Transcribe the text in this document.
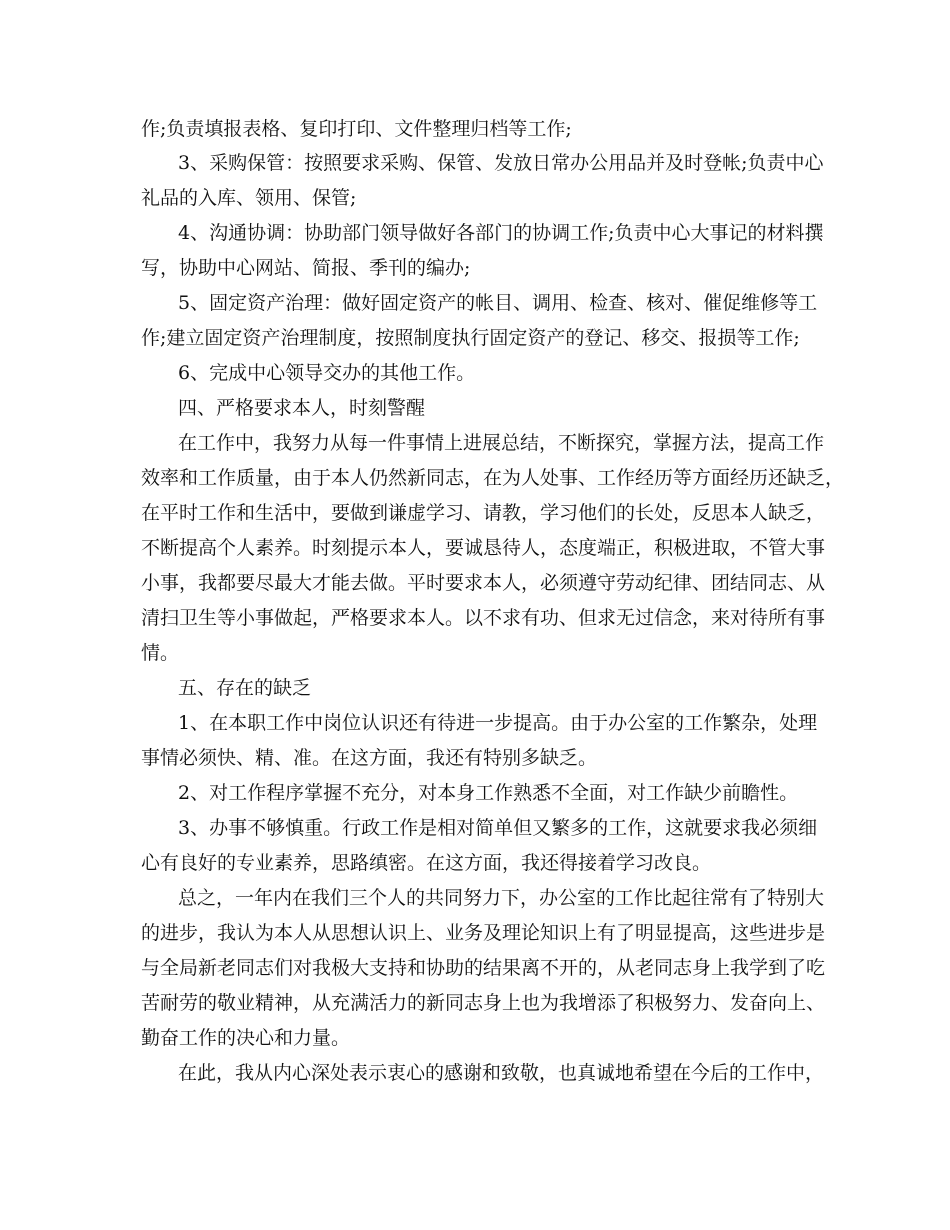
作;负责填报表格、复印打印、文件整理归档等工作;

3、采购保管：按照要求采购、保管、发放日常办公用品并及时登帐;负责中心

礼品的入库、领用、保管;

4、沟通协调：协助部门领导做好各部门的协调工作;负责中心大事记的材料撰

写，协助中心网站、简报、季刊的编办;

5、固定资产治理：做好固定资产的帐目、调用、检查、核对、催促维修等工

作;建立固定资产治理制度，按照制度执行固定资产的登记、移交、报损等工作;

6、完成中心领导交办的其他工作。

四、严格要求本人，时刻警醒

在工作中，我努力从每一件事情上进展总结，不断探究，掌握方法，提高工作

效率和工作质量，由于本人仍然新同志，在为人处事、工作经历等方面经历还缺乏，

在平时工作和生活中，要做到谦虚学习、请教，学习他们的长处，反思本人缺乏，

不断提高个人素养。时刻提示本人，要诚恳待人，态度端正，积极进取，不管大事

小事，我都要尽最大才能去做。平时要求本人，必须遵守劳动纪律、团结同志、从

清扫卫生等小事做起，严格要求本人。以不求有功、但求无过信念，来对待所有事

情。

五、存在的缺乏

1、在本职工作中岗位认识还有待进一步提高。由于办公室的工作繁杂，处理

事情必须快、精、准。在这方面，我还有特别多缺乏。

2、对工作程序掌握不充分，对本身工作熟悉不全面，对工作缺少前瞻性。

3、办事不够慎重。行政工作是相对简单但又繁多的工作，这就要求我必须细

心有良好的专业素养，思路缜密。在这方面，我还得接着学习改良。

总之，一年内在我们三个人的共同努力下，办公室的工作比起往常有了特别大

的进步，我认为本人从思想认识上、业务及理论知识上有了明显提高，这些进步是

与全局新老同志们对我极大支持和协助的结果离不开的，从老同志身上我学到了吃

苦耐劳的敬业精神，从充满活力的新同志身上也为我增添了积极努力、发奋向上、

勤奋工作的决心和力量。

在此，我从内心深处表示衷心的感谢和致敬，也真诚地希望在今后的工作中，
